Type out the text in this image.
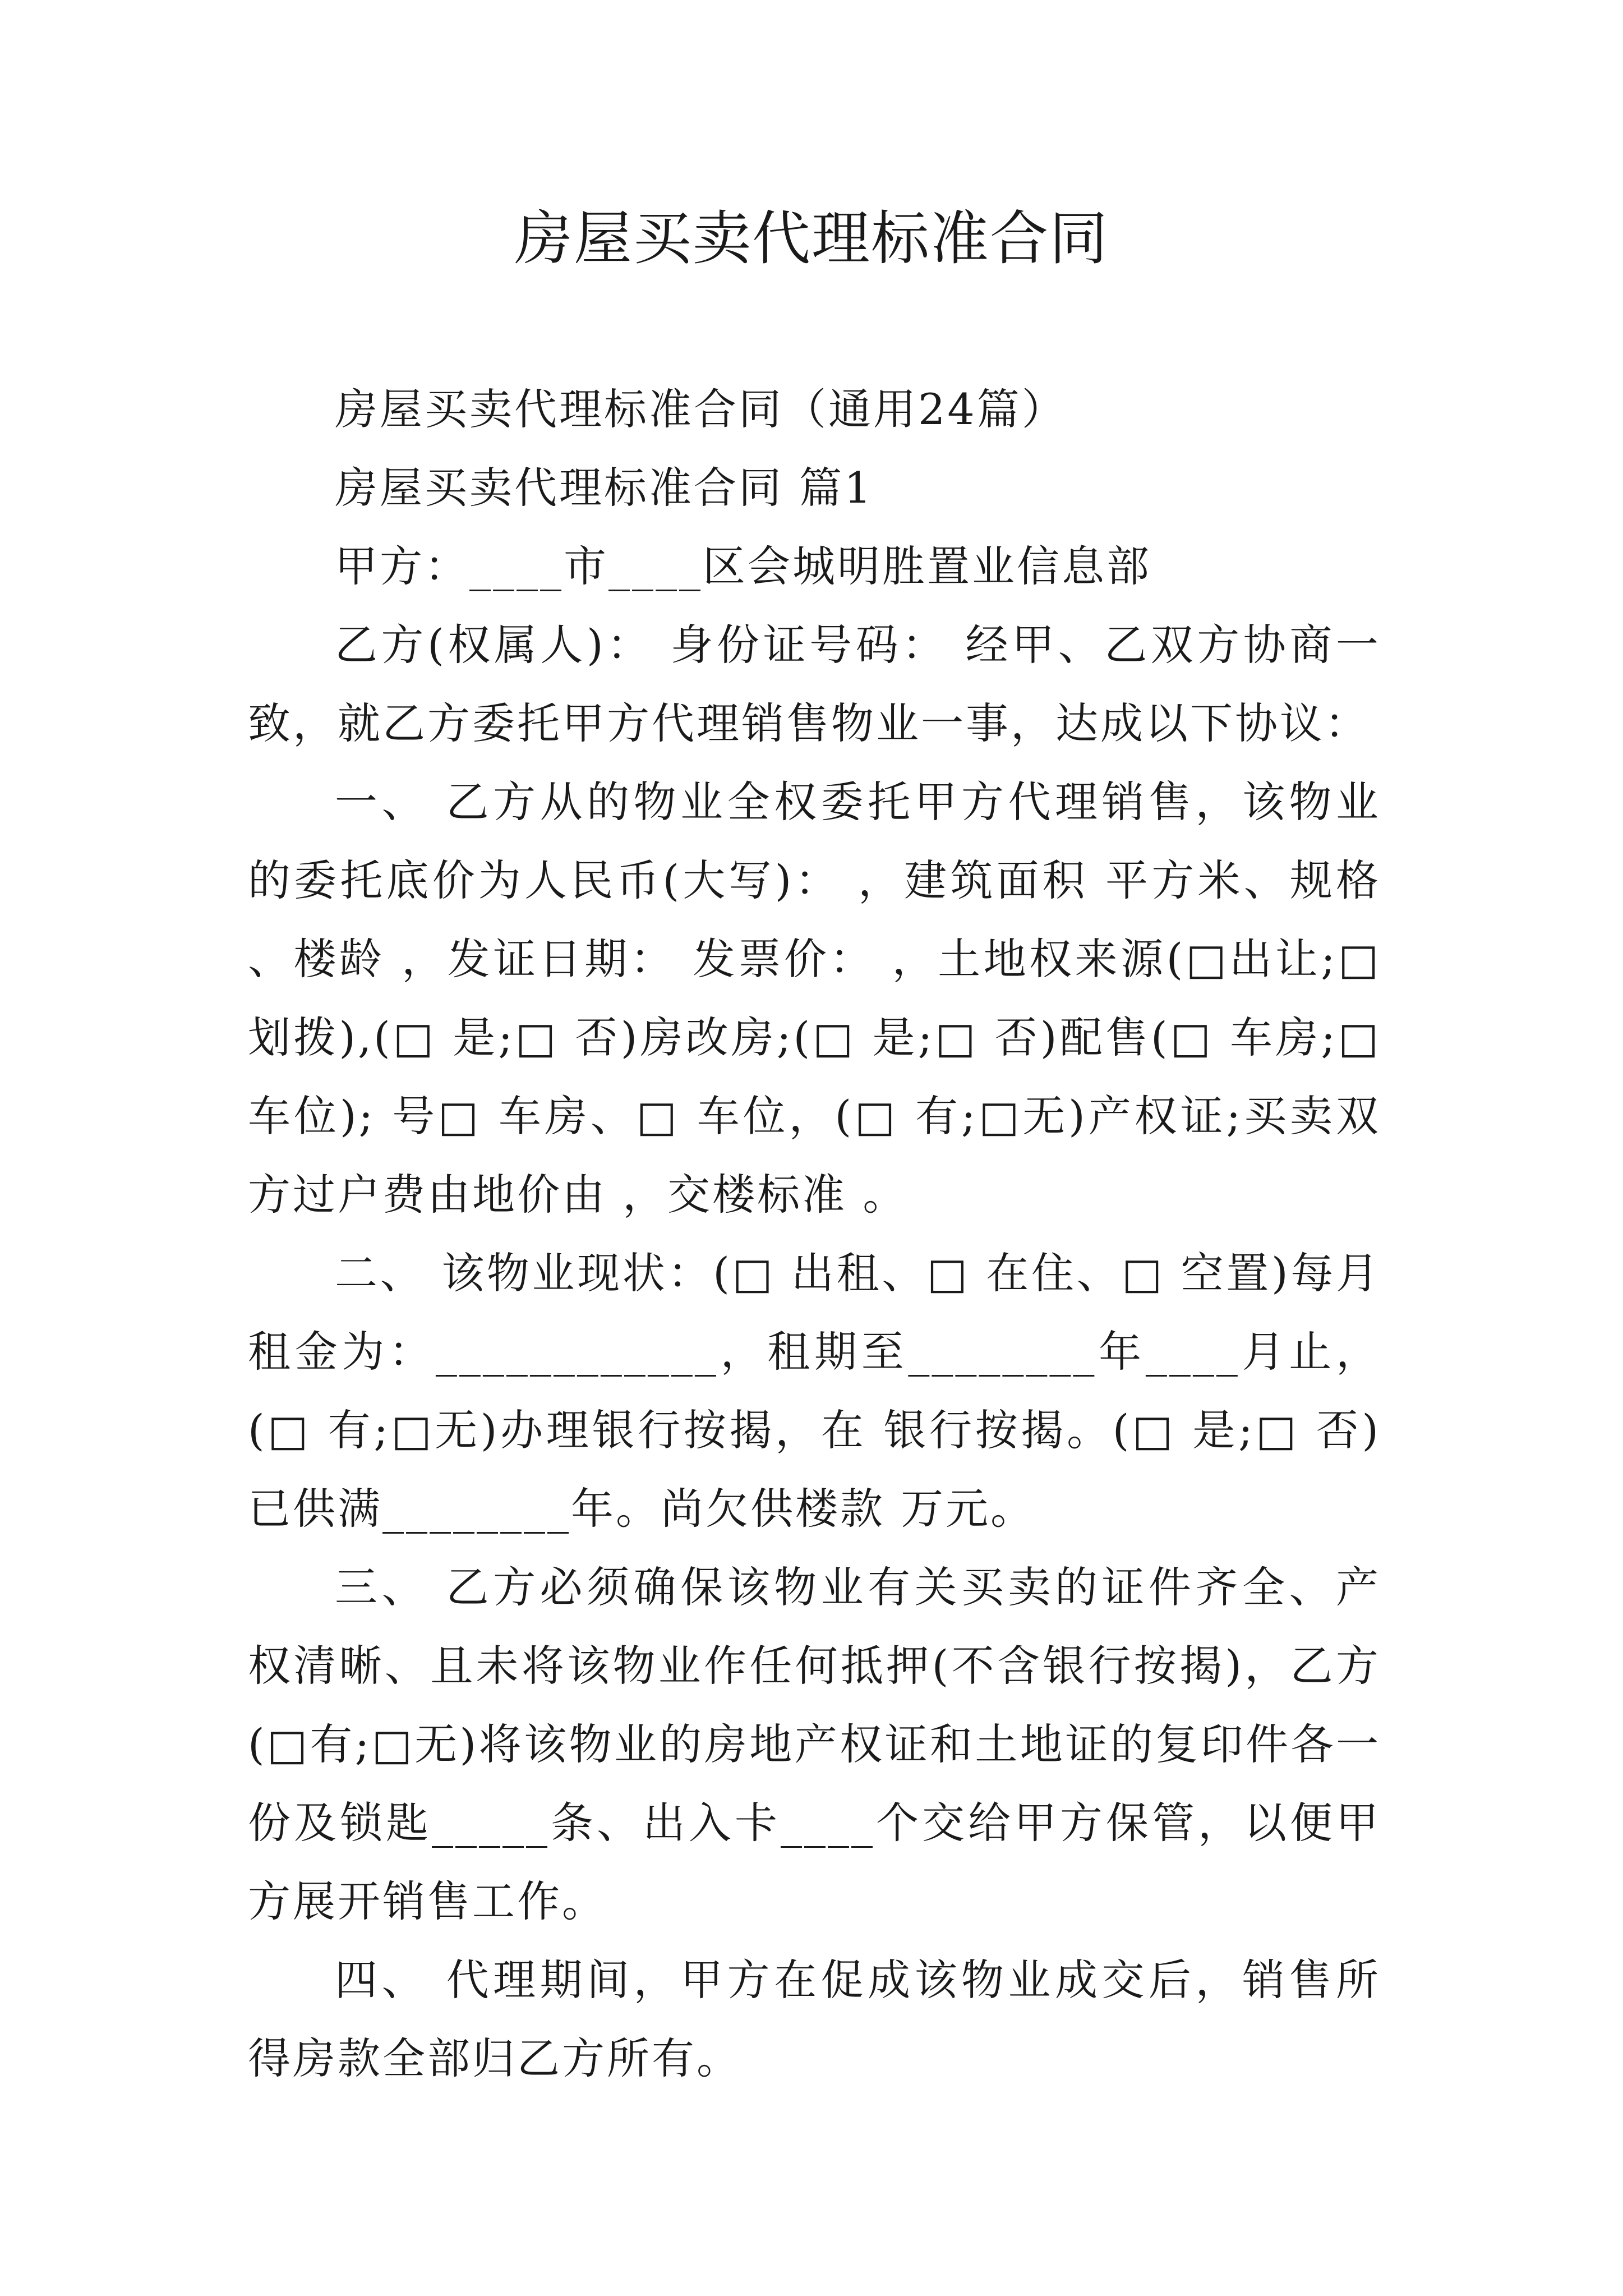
房屋买卖代理标准合同

房屋买卖代理标准合同（通用24篇）

房屋买卖代理标准合同 篇1

甲方：____市____区会城明胜置业信息部

乙方(权属人)： 身份证号码： 经甲、乙双方协商一致，就乙方委托甲方代理销售物业一事，达成以下协议：

一、 乙方从的物业全权委托甲方代理销售，该物业的委托底价为人民币(大写)： ，建筑面积 平方米、规格 、楼龄 ，发证日期： 发票价： ，土地权来源(□出让;□ 划拨),(□ 是;□ 否)房改房;(□ 是;□ 否)配售(□ 车房;□ 车位); 号□ 车房、□ 车位，(□ 有;□无)产权证;买卖双方过户费由地价由 ，交楼标准 。

二、 该物业现状：(□ 出租、□ 在住、□ 空置)每月租金为：____________，租期至________年____月止，(□ 有;□无)办理银行按揭，在 银行按揭。(□ 是;□ 否)已供满________年。尚欠供楼款 万元。

三、 乙方必须确保该物业有关买卖的证件齐全、产权清晰、且未将该物业作任何抵押(不含银行按揭)，乙方(□有;□无)将该物业的房地产权证和土地证的复印件各一份及锁匙_____条、出入卡____个交给甲方保管，以便甲方展开销售工作。

四、 代理期间，甲方在促成该物业成交后，销售所得房款全部归乙方所有。
